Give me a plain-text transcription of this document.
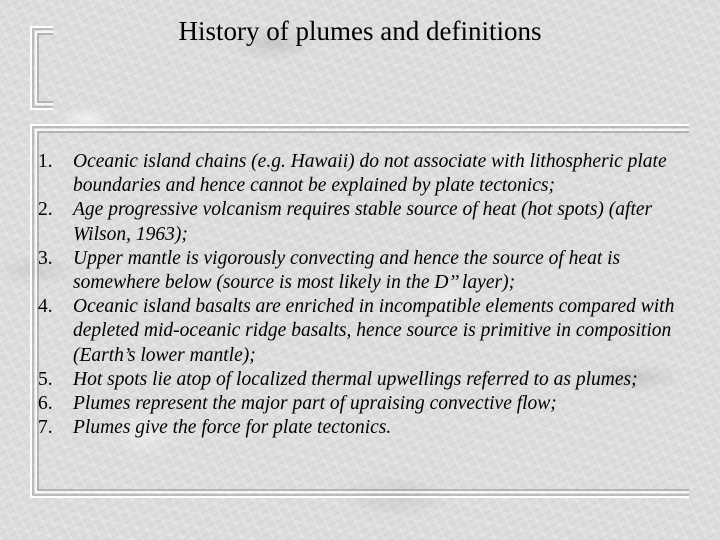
History of plumes and definitions
1. Oceanic island chains (e.g. Hawaii) do not associate with lithospheric plate boundaries and hence cannot be explained by plate tectonics;
2. Age progressive volcanism requires stable source of heat (hot spots) (after Wilson, 1963);
3. Upper mantle is vigorously convecting and hence the source of heat is somewhere below (source is most likely in the D’’ layer);
4. Oceanic island basalts are enriched in incompatible elements compared with depleted mid-oceanic ridge basalts, hence source is primitive in composition (Earth’s lower mantle);
5. Hot spots lie atop of localized thermal upwellings referred to as plumes;
6. Plumes represent the major part of upraising convective flow;
7. Plumes give the force for plate tectonics.
